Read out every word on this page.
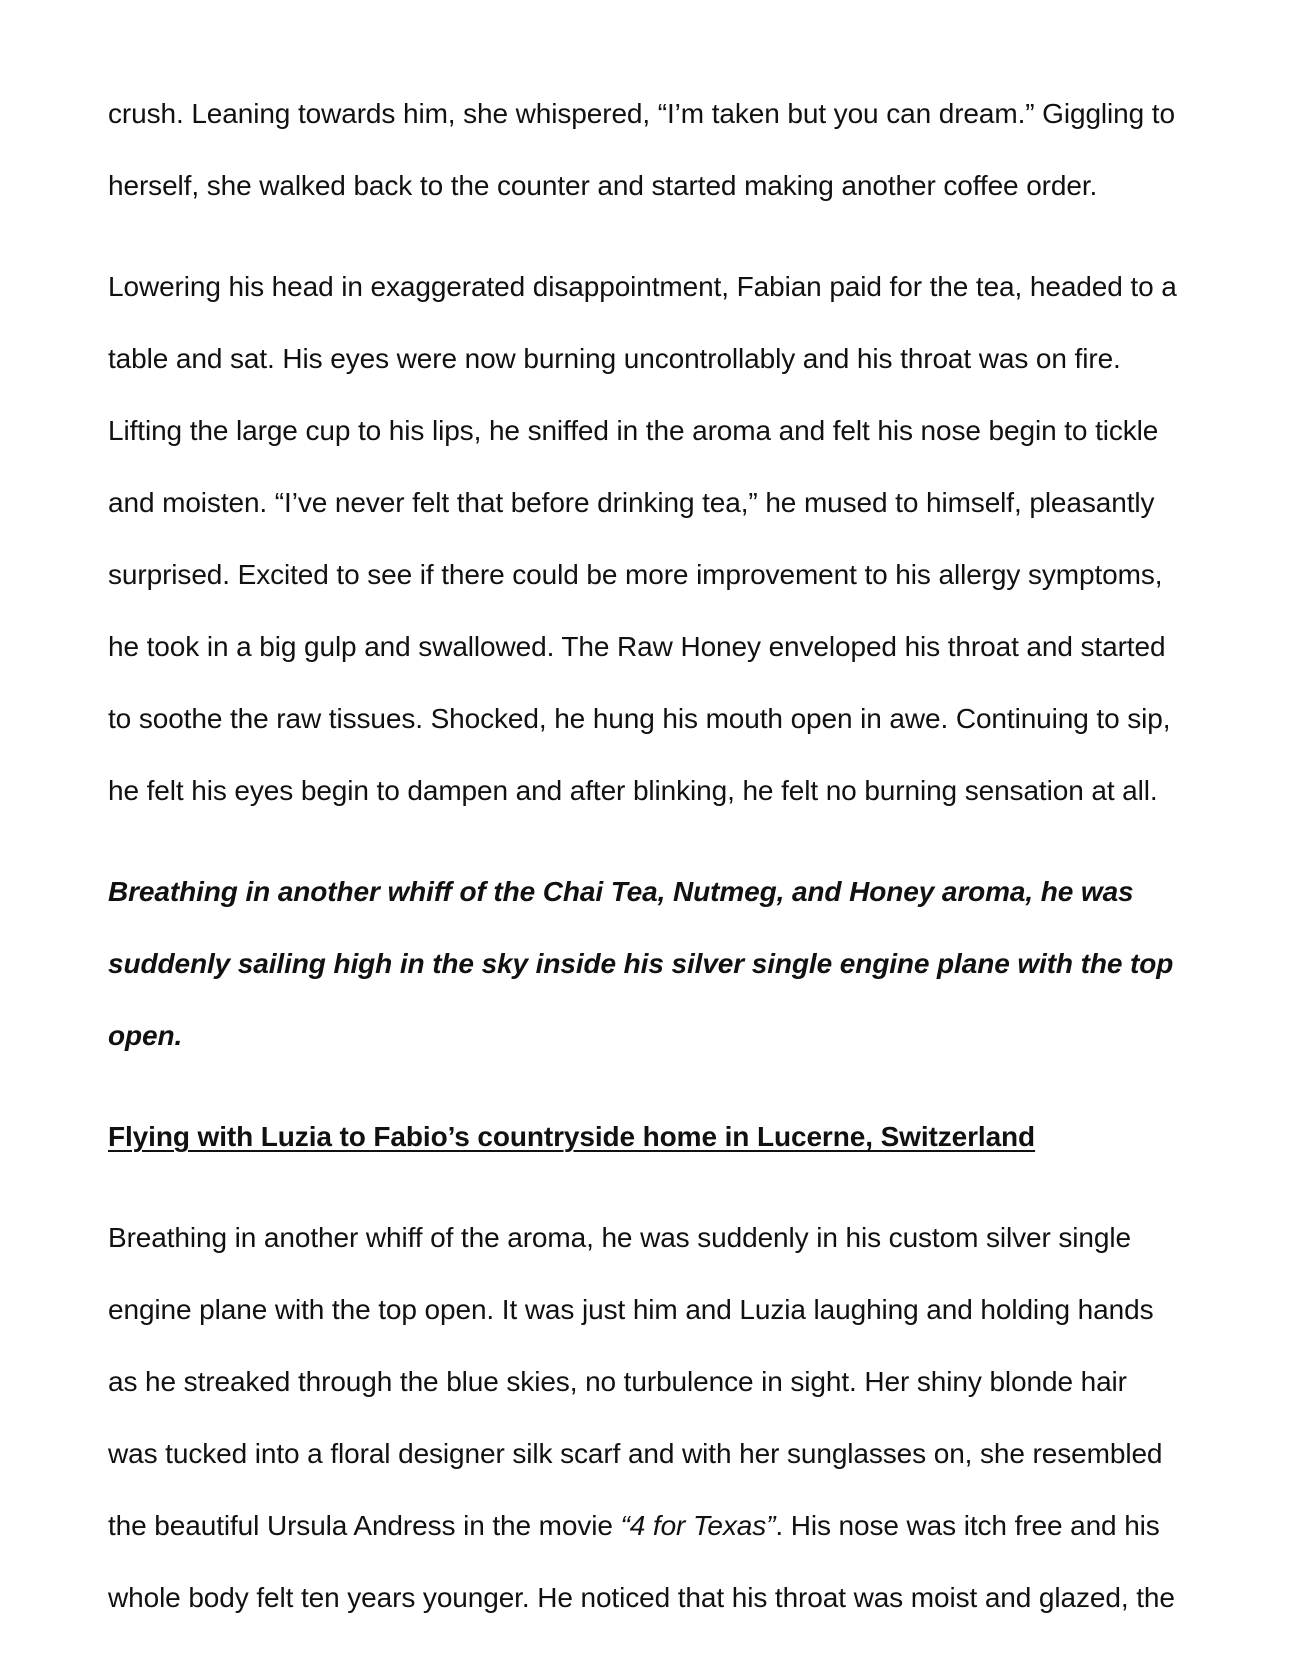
crush. Leaning towards him, she whispered, “I’m taken but you can dream.” Giggling to
herself, she walked back to the counter and started making another coffee order.
Lowering his head in exaggerated disappointment, Fabian paid for the tea, headed to a
table and sat. His eyes were now burning uncontrollably and his throat was on fire.
Lifting the large cup to his lips, he sniffed in the aroma and felt his nose begin to tickle
and moisten. “I’ve never felt that before drinking tea,” he mused to himself, pleasantly
surprised. Excited to see if there could be more improvement to his allergy symptoms,
he took in a big gulp and swallowed. The Raw Honey enveloped his throat and started
to soothe the raw tissues. Shocked, he hung his mouth open in awe. Continuing to sip,
he felt his eyes begin to dampen and after blinking, he felt no burning sensation at all.
Breathing in another whiff of the Chai Tea, Nutmeg, and Honey aroma, he was
suddenly sailing high in the sky inside his silver single engine plane with the top
open.
Flying with Luzia to Fabio’s countryside home in Lucerne, Switzerland
Breathing in another whiff of the aroma, he was suddenly in his custom silver single
engine plane with the top open. It was just him and Luzia laughing and holding hands
as he streaked through the blue skies, no turbulence in sight. Her shiny blonde hair
was tucked into a floral designer silk scarf and with her sunglasses on, she resembled
the beautiful Ursula Andress in the movie “4 for Texas”. His nose was itch free and his
whole body felt ten years younger. He noticed that his throat was moist and glazed, the
